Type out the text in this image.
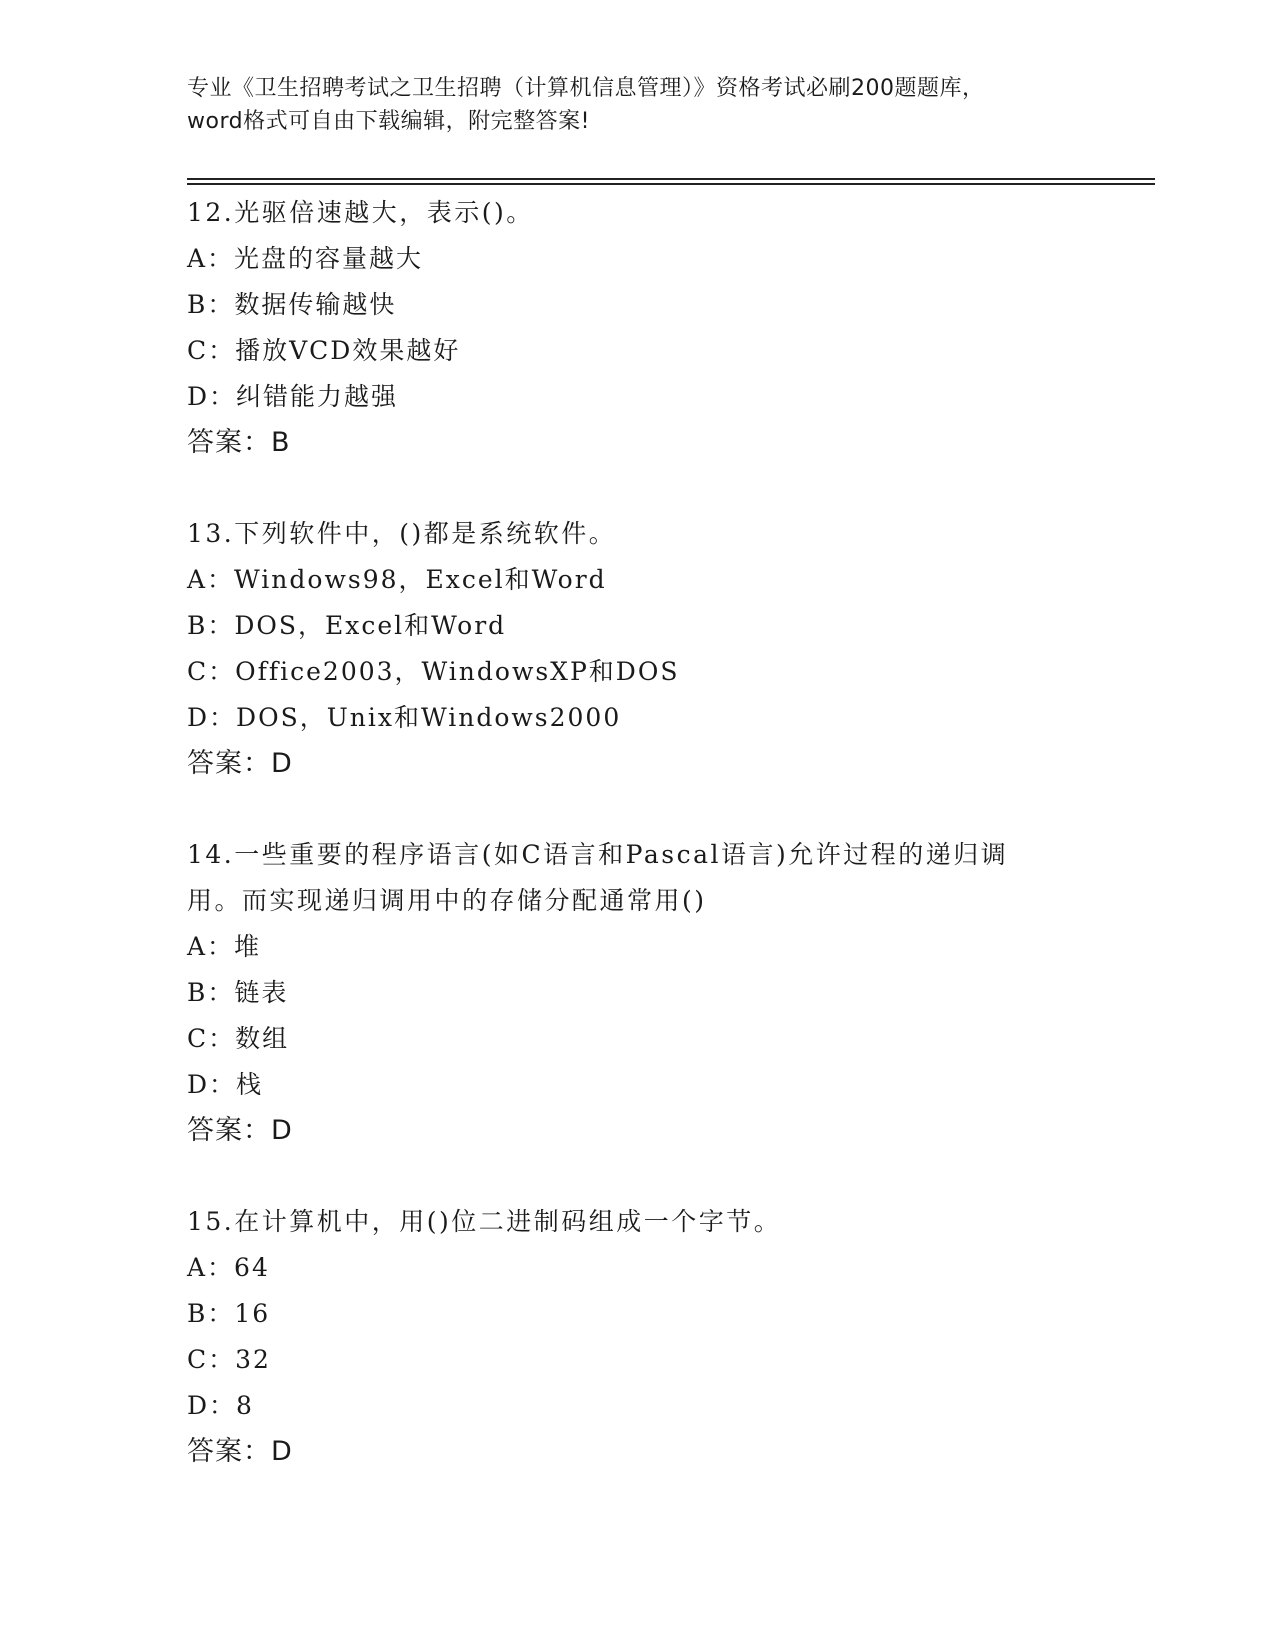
专业《卫生招聘考试之卫生招聘（计算机信息管理）》资格考试必刷200题题库，
word格式可自由下载编辑，附完整答案!
12.光驱倍速越大，表示()。
A：光盘的容量越大
B：数据传输越快
C：播放VCD效果越好
D：纠错能力越强
答案：B
13.下列软件中，()都是系统软件。
A：Windows98，Excel和Word
B：DOS，Excel和Word
C：Office2003，WindowsXP和DOS
D：DOS，Unix和Windows2000
答案：D
14.一些重要的程序语言(如C语言和Pascal语言)允许过程的递归调
用。而实现递归调用中的存储分配通常用()
A：堆
B：链表
C：数组
D：栈
答案：D
15.在计算机中，用()位二进制码组成一个字节。
A：64
B：16
C：32
D：8
答案：D
